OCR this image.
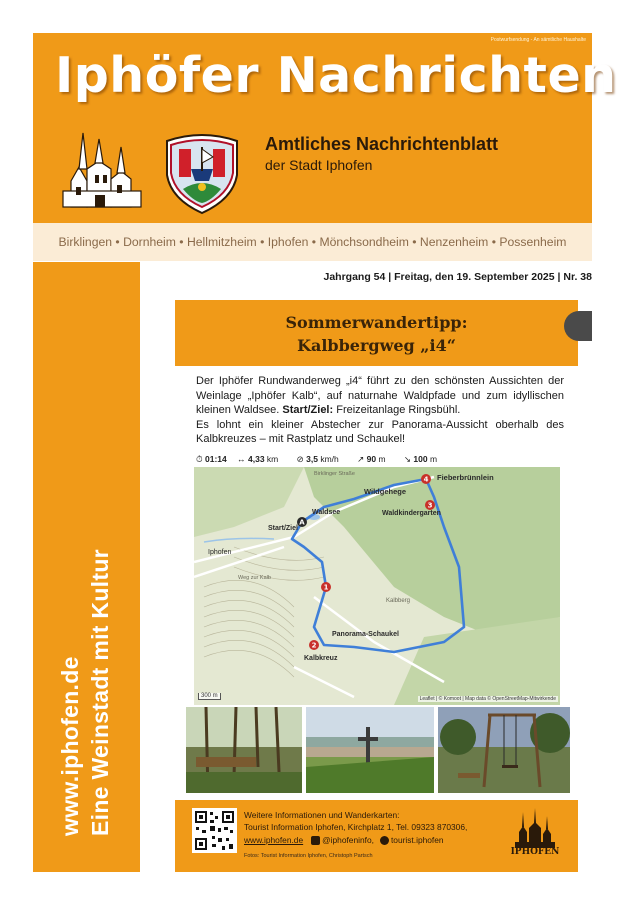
Postwurfsendung - An sämtliche Haushalte
Iphöfer Nachrichten
Amtliches Nachrichtenblatt
der Stadt Iphofen
Birklingen • Dornheim • Hellmitzheim • Iphofen • Mönchsondheim • Nenzenheim • Possenheim
www.iphofen.de Eine Weinstadt mit Kultur
Jahrgang 54 | Freitag, den 19. September 2025 | Nr. 38
Sommerwandertipp:
Kalbbergweg „i4“

Der Iphöfer Rundwanderweg „i4“ führt zu den schönsten Aussichten der Weinlage „Iphöfer Kalb“, auf naturnahe Waldpfade und zum idyllischen kleinen Waldsee. Start/Ziel: Freizeitanlage Ringsbühl.

Es lohnt ein kleiner Abstecher zur Panorama-Aussicht oberhalb des Kalbkreuzes – mit Rastplatz und Schaukel!

⏱ 01:14 ↔ 4,33 km ⊘ 3,5 km/h ↗ 90 m ↘ 100 m
A
1
2
3
4 Fieberbrünnlein
Wildgehege
Waldkindergarten
Waldsee
Start/Ziel
Iphofen
Panorama-Schaukel
Kalbkreuz
Kalbberg
Birklinger Straße
Weg zur Kalb
300 m	Leaflet | © Komoot | Map data © OpenStreetMap-Mitwirkende
Weitere Informationen und Wanderkarten:
Tourist Information Iphofen, Kirchplatz 1, Tel. 09323 870306,
www.iphofen.de @iphofeninfo, tourist.iphofen
Fotos: Tourist Information Iphofen, Christoph Partsch	IPHOFEN
